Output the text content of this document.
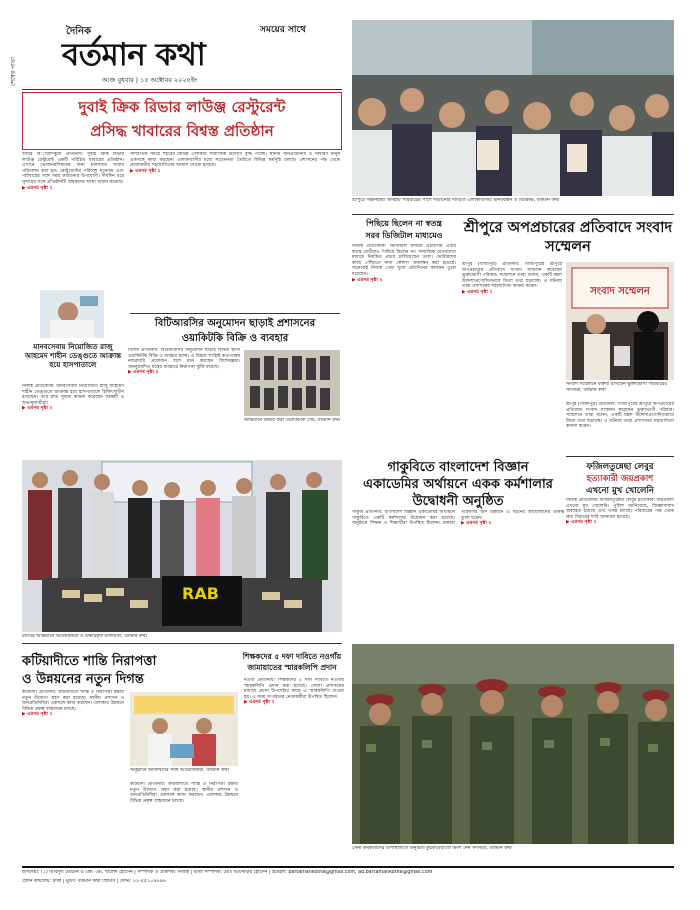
শেষের পাতা
দৈনিক	সময়ের সাথে
বর্তমান কথা
আজ বুধবার | ১৫ অক্টোবর ২০২৫ইং
দুবাই ক্রিক রিভার লাউঞ্জ রেস্টুরেন্ট
প্রসিদ্ধ খাবারের বিশ্বস্ত প্রতিষ্ঠান

আমর অাবাদিঝুঁজ প্রতিনিধি: দুবাই ক্রিক রিভার লাউঞ্জ রেস্টুরেন্ট একটি পরিচিত খাবারের প্রতিষ্ঠান। এখানে ভোজনরসিকদের জন্য মানসম্মত খাবার পরিবেশন করা হয়। রেস্টুরেন্টের পরিবেশ মনোরম এবং পরিবারের সঙ্গে সময় কাটানোর উপযোগী। দীর্ঘদিন ধরে সুনামের সঙ্গে প্রতিষ্ঠানটি গ্রাহকদের আস্থা অর্জন করেছে।

▶ এরপর পৃষ্ঠা ২

সাম্প্রতিক সময়ে শহরের বিভিন্ন এলাকায় সামাজিক উদ্যোগ বৃদ্ধি পাচ্ছে। স্থানীয় জনপ্রতিনিধি ও সাধারণ মানুষ একসঙ্গে কাজ করছেন। এলাকাবাসীর মধ্যে সচেতনতা তৈরিতে বিভিন্ন কর্মসূচি চলছে। প্রশাসনের পক্ষ থেকে প্রয়োজনীয় সহযোগিতার আশ্বাস দেওয়া হয়েছে।

▶ এরপর পৃষ্ঠা ২

শ্রীপুরে সন্তানহারা অসহায় পরিবারের পাশে দাঁড়ানোর দাবিতে এলাকাবাসীর মানববন্ধন ও বিক্ষোভ, বর্তমান কথা
পিছিয়ে ছিলেন না স্বতন্ত্র
সরব ডিজিটাল মাধ্যমেও

নিজস্ব প্রতিবেদক: ডিজিটাল মাধ্যমে প্রচারণায় এবার স্বতন্ত্র প্রার্থীরাও পিছিয়ে ছিলেন না। সামাজিক যোগাযোগ মাধ্যমে নিয়মিত প্রচার চালিয়েছেন তারা। ভোটারদের কাছে পৌঁছাতে নানা কৌশল অবলম্বন করা হয়েছে। অনেকেই নিজস্ব পেজ খুলে প্রতিদিনের কার্যক্রম তুলে ধরেছেন।

▶ এরপর পৃষ্ঠা ২

শ্রীপুরে অপপ্রচারের প্রতিবাদে সংবাদ সম্মেলন

শ্রীপুর (গাজীপুর) প্রতিনিধি: গাজীপুরের শ্রীপুরে অপপ্রচারের প্রতিবাদে সংবাদ সম্মেলন করেছেন ভুক্তভোগী পরিবার। সম্মেলনে তারা বলেন, একটি মহল উদ্দেশ্যপ্রণোদিতভাবে মিথ্যা তথ্য ছড়াচ্ছে। এ ঘটনায় তারা প্রশাসনের সহযোগিতা কামনা করেন।

▶ এরপর পৃষ্ঠা ২	সংবাদ সম্মেলন
সংবাদ সম্মেলনে বক্তব্য রাখছেন ভুক্তভোগী পরিবারের সদস্যরা, বর্তমান কথা

শ্রীপুর (গাজীপুর) প্রতিনিধি: গাজীপুরের শ্রীপুরে অপপ্রচারের প্রতিবাদে সংবাদ সম্মেলন করেছেন ভুক্তভোগী পরিবার। সম্মেলনে তারা বলেন, একটি মহল উদ্দেশ্যপ্রণোদিতভাবে মিথ্যা তথ্য ছড়াচ্ছে। এ ঘটনায় তারা প্রশাসনের সহযোগিতা কামনা করেন।

বিটিআরসির অনুমোদন ছাড়াই প্রশাসনের
ওয়াকিটকি বিক্রি ও ব্যবহার

বিশেষ প্রতিনিধি: বিটিআরসির অনুমোদন ছাড়াই বিভিন্ন স্থানে ওয়াকিটকি বিক্রি ও ব্যবহার হচ্ছে। এ বিষয়ে সংশ্লিষ্ট কর্তৃপক্ষের নজরদারি প্রয়োজন বলে মনে করছেন বিশেষজ্ঞরা। অননুমোদিত যন্ত্রের ব্যবহারে নিরাপত্তা ঝুঁকি বাড়ছে।

▶ এরপর পৃষ্ঠা ২

অভিযানে উদ্ধার করা ওয়াকিটকি সেট, বর্তমান কথা
মানবসেবায় নিয়োজিত রাজু আহমেদ শাহীন ডেঙ্গুতে আক্রান্ত হয়ে হাসপাতালে

নিজস্ব প্রতিবেদক: মানবসেবায় নিয়োজিত রাজু আহমেদ শাহীন ডেঙ্গুতে আক্রান্ত হয়ে হাসপাতালে চিকিৎসাধীন রয়েছেন। তার দ্রুত সুস্থতা কামনা করেছেন সহকর্মী ও শুভানুধ্যায়ীরা।

▶ এরপর পৃষ্ঠা ২

RAB
র‍্যাবের অভিযানে আটককৃতরা ও উদ্ধারকৃত মালামাল, বর্তমান কথা
গাকুবিতে বাংলাদেশ বিজ্ঞান
একাডেমির অর্থায়নে একক কর্মশালার
উদ্বোধনী অনুষ্ঠিত

গাকুবি প্রতিনিধি: বাংলাদেশ বিজ্ঞান একাডেমির অর্থায়নে গাকুবিতে একটি কর্মশালার উদ্বোধন করা হয়েছে। অনুষ্ঠানে শিক্ষক ও শিক্ষার্থীরা উপস্থিত ছিলেন। বক্তারা গবেষণার মান উন্নয়নে এ ধরনের আয়োজনের গুরুত্ব তুলে ধরেন।

▶ এরপর পৃষ্ঠা ২

ফজিলতুন্নেছা লেবুর
হত্যাকারী জয়প্রকাশ
এখনো মুখ খোলেনি

নিজস্ব প্রতিবেদক: ফজিলতুন্নেছা লেবুর হত্যাকারী জয়প্রকাশ এখনো মুখ খোলেনি। পুলিশ জানিয়েছে, জিজ্ঞাসাবাদ অব্যাহত রয়েছে এবং তদন্ত চলছে। পরিবারের পক্ষ থেকে দ্রুত বিচারের দাবি জানানো হয়েছে।

▶ এরপর পৃষ্ঠা ২

কটিয়াদীতে শান্তি নিরাপত্তা
ও উন্নয়নের নতুন দিগন্ত

কটিয়াদী প্রতিনিধি: কটিয়াদীতে শান্তি ও নিরাপত্তা রক্ষায় নতুন উদ্যোগ গ্রহণ করা হয়েছে। স্থানীয় প্রশাসন ও জনপ্রতিনিধিরা একসঙ্গে কাজ করছেন। এলাকার উন্নয়নে বিভিন্ন প্রকল্প বাস্তবায়ন চলছে।

▶ এরপর পৃষ্ঠা ২

অনুষ্ঠানে অতিথিদের সঙ্গে আয়োজকরা, বর্তমান কথা

কটিয়াদী প্রতিনিধি: কটিয়াদীতে শান্তি ও নিরাপত্তা রক্ষায় নতুন উদ্যোগ গ্রহণ করা হয়েছে। স্থানীয় প্রশাসন ও জনপ্রতিনিধিরা একসঙ্গে কাজ করছেন। এলাকার উন্নয়নে বিভিন্ন প্রকল্প বাস্তবায়ন চলছে।

শিক্ষকদের ৫ দফা দাবিতে নওগাঁয়
জামায়াতের স্মারকলিপি প্রদান

নওগাঁ প্রতিনিধি: শিক্ষকদের ৫ দফা দাবিতে নওগাঁয় স্মারকলিপি প্রদান করা হয়েছে। জেলা প্রশাসকের মাধ্যমে প্রধান উপদেষ্টার কাছে এ স্মারকলিপি দেওয়া হয়। এ সময় সংগঠনের নেতাকর্মীরা উপস্থিত ছিলেন।

▶ এরপর পৃষ্ঠা ২

সেনা কর্মকর্তাদের উপস্থিতিতে অনুষ্ঠিত কুচকাওয়াজে অংশ নেন সদস্যরা, বর্তমান কথা
উপদেষ্টা: (১) আবদুল মোমেন ও এফ. এম. খালেদ হোসেন | সম্পাদক ও প্রকাশক: নিজস্ব | বার্তা সম্পাদক: মোঃ আনোয়ার হোসেন | ইমেইল: bartamankotha@gmail.com, ad.bartamankotha@gmail.com
প্রধান কার্যালয়: ঢাকা | মুদ্রণ: বর্তমান কথা প্রিন্টার্স | ফোন: ০২-৫৫১০৯৮৯৬
